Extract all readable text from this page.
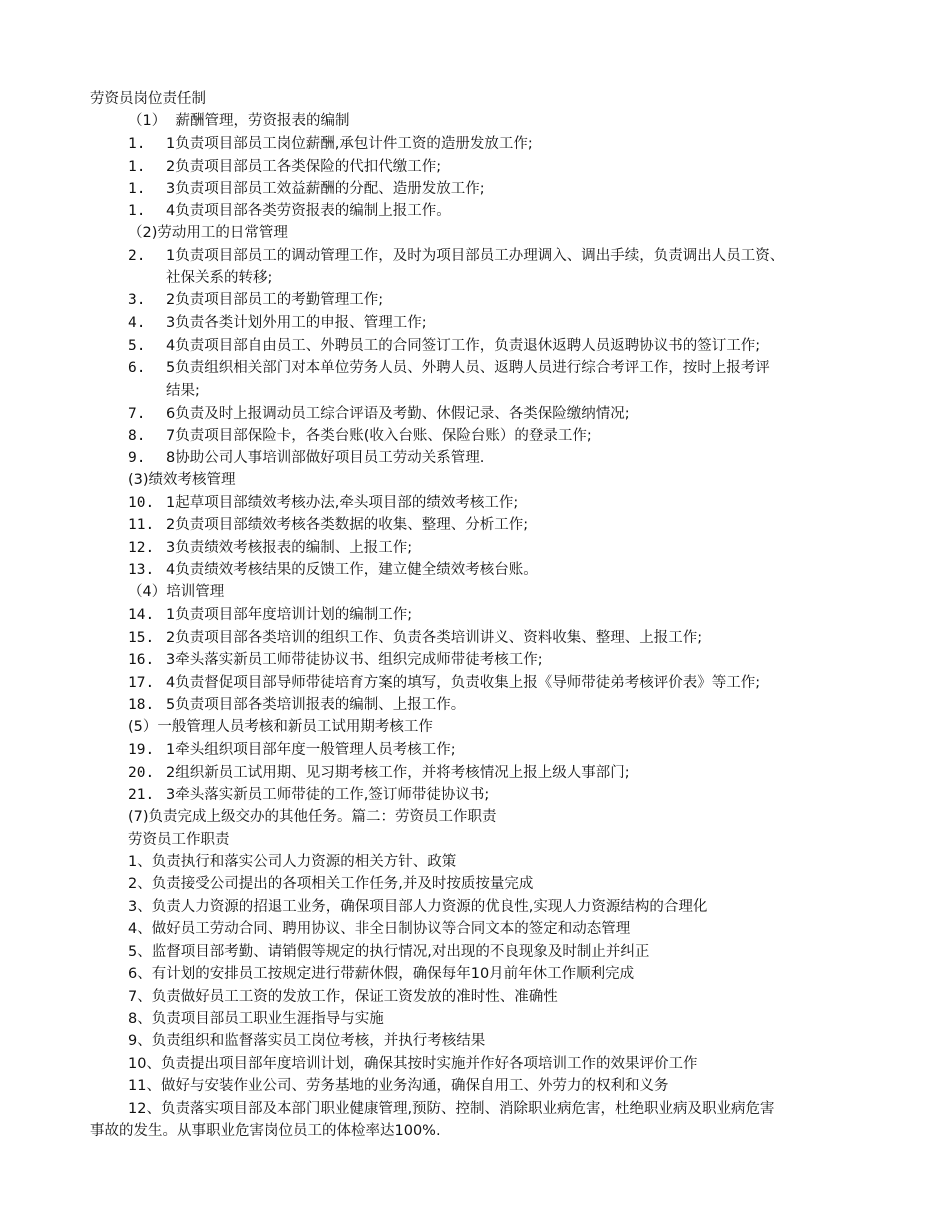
劳资员岗位责任制
（1）  薪酬管理，劳资报表的编制
1. 1负责项目部员工岗位薪酬,承包计件工资的造册发放工作;
1. 2负责项目部员工各类保险的代扣代缴工作;
1. 3负责项目部员工效益薪酬的分配、造册发放工作;
1. 4负责项目部各类劳资报表的编制上报工作。
（2)劳动用工的日常管理
2. 1负责项目部员工的调动管理工作，及时为项目部员工办理调入、调出手续，负责调出人员工资、
社保关系的转移;
3. 2负责项目部员工的考勤管理工作;
4. 3负责各类计划外用工的申报、管理工作;
5. 4负责项目部自由员工、外聘员工的合同签订工作，负责退休返聘人员返聘协议书的签订工作;
6. 5负责组织相关部门对本单位劳务人员、外聘人员、返聘人员进行综合考评工作，按时上报考评
结果;
7. 6负责及时上报调动员工综合评语及考勤、休假记录、各类保险缴纳情况;
8. 7负责项目部保险卡，各类台账(收入台账、保险台账）的登录工作;
9. 8协助公司人事培训部做好项目员工劳动关系管理.
(3)绩效考核管理
10. 1起草项目部绩效考核办法,牵头项目部的绩效考核工作;
11. 2负责项目部绩效考核各类数据的收集、整理、分析工作;
12. 3负责绩效考核报表的编制、上报工作;
13. 4负责绩效考核结果的反馈工作，建立健全绩效考核台账。
（4）培训管理
14. 1负责项目部年度培训计划的编制工作;
15. 2负责项目部各类培训的组织工作、负责各类培训讲义、资料收集、整理、上报工作;
16. 3牵头落实新员工师带徒协议书、组织完成师带徒考核工作;
17. 4负责督促项目部导师带徒培育方案的填写，负责收集上报《导师带徒弟考核评价表》等工作;
18. 5负责项目部各类培训报表的编制、上报工作。
(5）一般管理人员考核和新员工试用期考核工作
19. 1牵头组织项目部年度一般管理人员考核工作;
20. 2组织新员工试用期、见习期考核工作，并将考核情况上报上级人事部门;
21. 3牵头落实新员工师带徒的工作,签订师带徒协议书;
(7)负责完成上级交办的其他任务。篇二：劳资员工作职责
劳资员工作职责
1、负责执行和落实公司人力资源的相关方针、政策
2、负责接受公司提出的各项相关工作任务,并及时按质按量完成
3、负责人力资源的招退工业务，确保项目部人力资源的优良性,实现人力资源结构的合理化
4、做好员工劳动合同、聘用协议、非全日制协议等合同文本的签定和动态管理
5、监督项目部考勤、请销假等规定的执行情况,对出现的不良现象及时制止并纠正
6、有计划的安排员工按规定进行带薪休假，确保每年10月前年休工作顺利完成
7、负责做好员工工资的发放工作，保证工资发放的准时性、准确性
8、负责项目部员工职业生涯指导与实施
9、负责组织和监督落实员工岗位考核，并执行考核结果
10、负责提出项目部年度培训计划，确保其按时实施并作好各项培训工作的效果评价工作
11、做好与安装作业公司、劳务基地的业务沟通，确保自用工、外劳力的权利和义务
12、负责落实项目部及本部门职业健康管理,预防、控制、消除职业病危害，杜绝职业病及职业病危害
事故的发生。从事职业危害岗位员工的体检率达100%.
